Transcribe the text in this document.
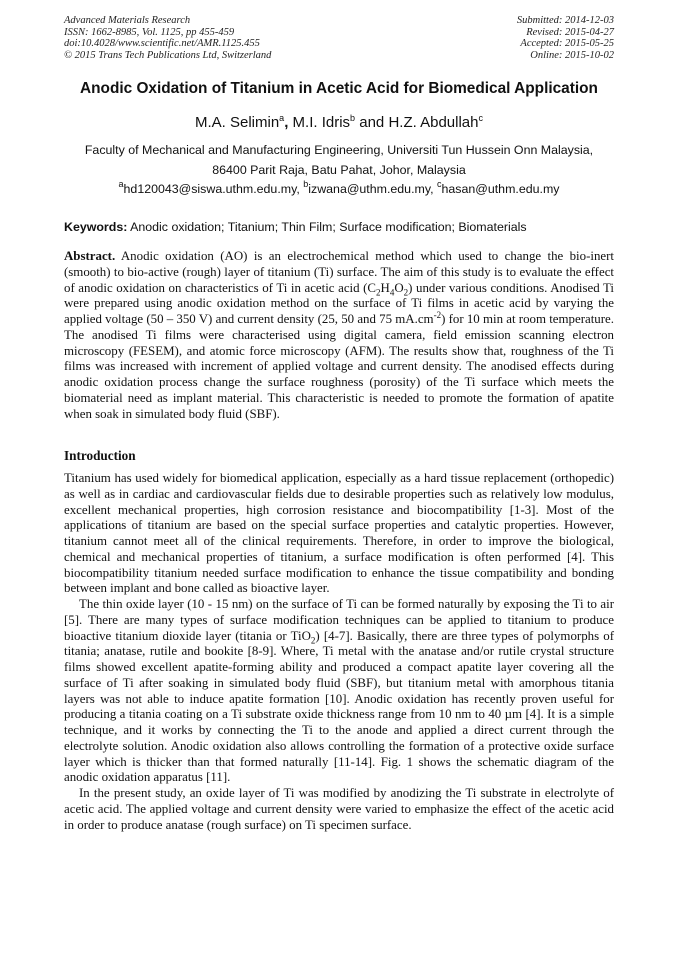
Advanced Materials Research
ISSN: 1662-8985, Vol. 1125, pp 455-459
doi:10.4028/www.scientific.net/AMR.1125.455
© 2015 Trans Tech Publications Ltd, Switzerland
Submitted: 2014-12-03
Revised: 2015-04-27
Accepted: 2015-05-25
Online: 2015-10-02
Anodic Oxidation of Titanium in Acetic Acid for Biomedical Application
M.A. Selimin$^a$, M.I. Idris$^b$ and H.Z. Abdullah$^c$
Faculty of Mechanical and Manufacturing Engineering, Universiti Tun Hussein Onn Malaysia,
86400 Parit Raja, Batu Pahat, Johor, Malaysia
$^a$hd120043@siswa.uthm.edu.my, $^b$izwana@uthm.edu.my, $^c$hasan@uthm.edu.my
Keywords: Anodic oxidation; Titanium; Thin Film; Surface modification; Biomaterials

Abstract. Anodic oxidation (AO) is an electrochemical method which used to change the bio-inert (smooth) to bio-active (rough) layer of titanium (Ti) surface. The aim of this study is to evaluate the effect of anodic oxidation on characteristics of Ti in acetic acid $(C_2H_4O_2)$ under various conditions. Anodised Ti were prepared using anodic oxidation method on the surface of Ti films in acetic acid by varying the applied voltage (50 – 350 V) and current density (25, 50 and 75 $mA.cm^{-2}$) for 10 min at room temperature. The anodised Ti films were characterised using digital camera, field emission scanning electron microscopy (FESEM), and atomic force microscopy (AFM). The results show that, roughness of the Ti films was increased with increment of applied voltage and current density. The anodised effects during anodic oxidation process change the surface roughness (porosity) of the Ti surface which meets the biomaterial need as implant material. This characteristic is needed to promote the formation of apatite when soak in simulated body fluid (SBF).

Introduction

Titanium has used widely for biomedical application, especially as a hard tissue replacement (orthopedic) as well as in cardiac and cardiovascular fields due to desirable properties such as relatively low modulus, excellent mechanical properties, high corrosion resistance and biocompatibility [1-3]. Most of the applications of titanium are based on the special surface properties and catalytic properties. However, titanium cannot meet all of the clinical requirements. Therefore, in order to improve the biological, chemical and mechanical properties of titanium, a surface modification is often performed [4]. This biocompatibility titanium needed surface modification to enhance the tissue compatibility and bonding between implant and bone called as bioactive layer.

The thin oxide layer (10 - 15 nm) on the surface of Ti can be formed naturally by exposing the Ti to air [5]. There are many types of surface modification techniques can be applied to titanium to produce bioactive titanium dioxide layer (titania or TiO$_2$) [4-7]. Basically, there are three types of polymorphs of titania; anatase, rutile and bookite [8-9]. Where, Ti metal with the anatase and/or rutile crystal structure films showed excellent apatite-forming ability and produced a compact apatite layer covering all the surface of Ti after soaking in simulated body fluid (SBF), but titanium metal with amorphous titania layers was not able to induce apatite formation [10]. Anodic oxidation has recently proven useful for producing a titania coating on a Ti substrate oxide thickness range from 10 nm to 40 µm [4]. It is a simple technique, and it works by connecting the Ti to the anode and applied a direct current through the electrolyte solution. Anodic oxidation also allows controlling the formation of a protective oxide surface layer which is thicker than that formed naturally [11-14]. Fig. 1 shows the schematic diagram of the anodic oxidation apparatus [11].

In the present study, an oxide layer of Ti was modified by anodizing the Ti substrate in electrolyte of acetic acid. The applied voltage and current density were varied to emphasize the effect of the acetic acid in order to produce anatase (rough surface) on Ti specimen surface.
